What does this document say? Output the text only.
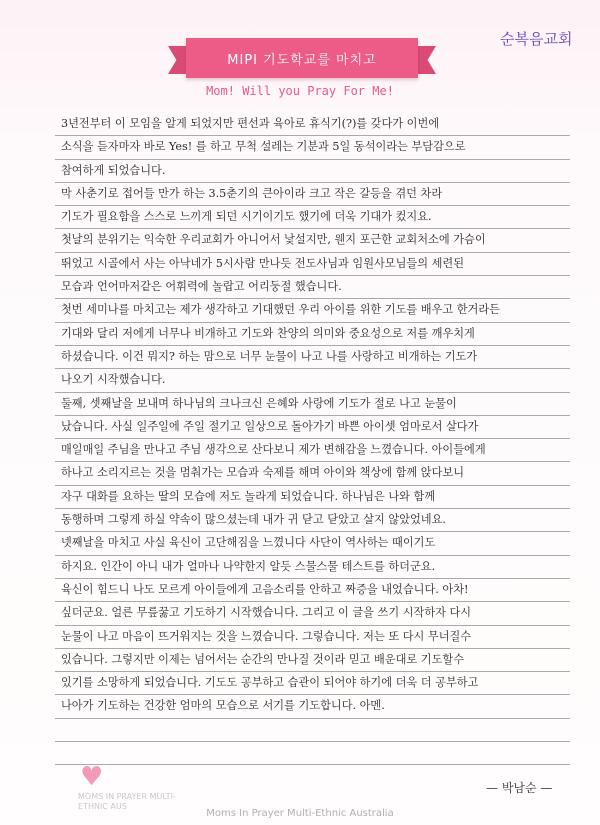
순복음교회
MIPI 기도학교를 마치고
Mom! Will you Pray For Me!
3년전부터 이 모임을 알게 되었지만 편선과 육아로 휴식기(?)를 갖다가 이번에
소식을 듣자마자 바로 Yes! 를 하고 무척 설레는 기분과 5일 동석이라는 부담감으로
참여하게 되었습니다.
막 사춘기로 접어들 만가 하는 3.5춘기의 큰아이라 크고 작은 갈등을 겪던 차라
기도가 필요함을 스스로 느끼게 되던 시기이기도 했기에 더욱 기대가 컸지요.
첫날의 분위기는 익숙한 우리교회가 아니어서 낯설지만, 웬지 포근한 교회처소에 가슴이
뛰었고 시골에서 사는 아낙네가 5시사람 만나듯 전도사님과 임원사모님들의 세련된
모습과 언어마저같은 어휘력에 놀랍고 어리둥절 했습니다.
첫번 세미나를 마치고는 제가 생각하고 기대했던 우리 아이를 위한 기도를 배우고 한거라든
기대와 달리 저에게 너무나 비개하고 기도와 찬양의 의미와 중요성으로 저를 깨우치게
하셨습니다. 이건 뭐지? 하는 맘으로 너무 눈물이 나고 나를 사랑하고 비개하는 기도가
나오기 시작했습니다.
둘째, 셋째날을 보내며 하나님의 크나크신 은혜와 사랑에 기도가 절로 나고 눈물이
났습니다. 사실 일주일에 주일 절기고 일상으로 돌아가기 바쁜 아이셋 엄마로서 살다가
매일매일 주님을 만나고 주님 생각으로 산다보니 제가 변해감을 느꼈습니다. 아이들에게
하나고 소리지르는 것을 멈춰가는 모습과 숙제를 해며 아이와 책상에 함께 앉다보니
자구 대화를 요하는 딸의 모습에 저도 놀라게 되었습니다. 하나님은 나와 함께
동행하며 그렇게 하실 약속이 많으셨는데 내가 귀 닫고 닫았고 살지 않았었네요.
넷째날을 마치고 사실 육신이 고단해짐을 느꼈니다 사단이 역사하는 때이기도
하지요. 인간이 아니 내가 얼마나 나약한지 알듯 스물스물 테스트를 하더군요.
육신이 힘드니 나도 모르게 아이들에게 고음소리를 안하고 짜증을 내었습니다. 아차!
싶더군요. 얼른 무릎꿇고 기도하기 시작했습니다. 그리고 이 글을 쓰기 시작하자 다시
눈물이 나고 마음이 뜨거워지는 것을 느꼈습니다. 그렇습니다. 저는 또 다시 무너질수
있습니다. 그렇지만 이제는 넘어서는 순간의 만나질 것이라 믿고 배운대로 기도할수
있기를 소망하게 되었습니다. 기도도 공부하고 습관이 되어야 하기에 더욱 더 공부하고
나아가 기도하는 건강한 엄마의 모습으로 서기를 기도합니다. 아멘.
♥
MOMS IN PRAYER MULTI-ETHNIC AUS
— 박남순 —
Moms In Prayer Multi-Ethnic Australia
